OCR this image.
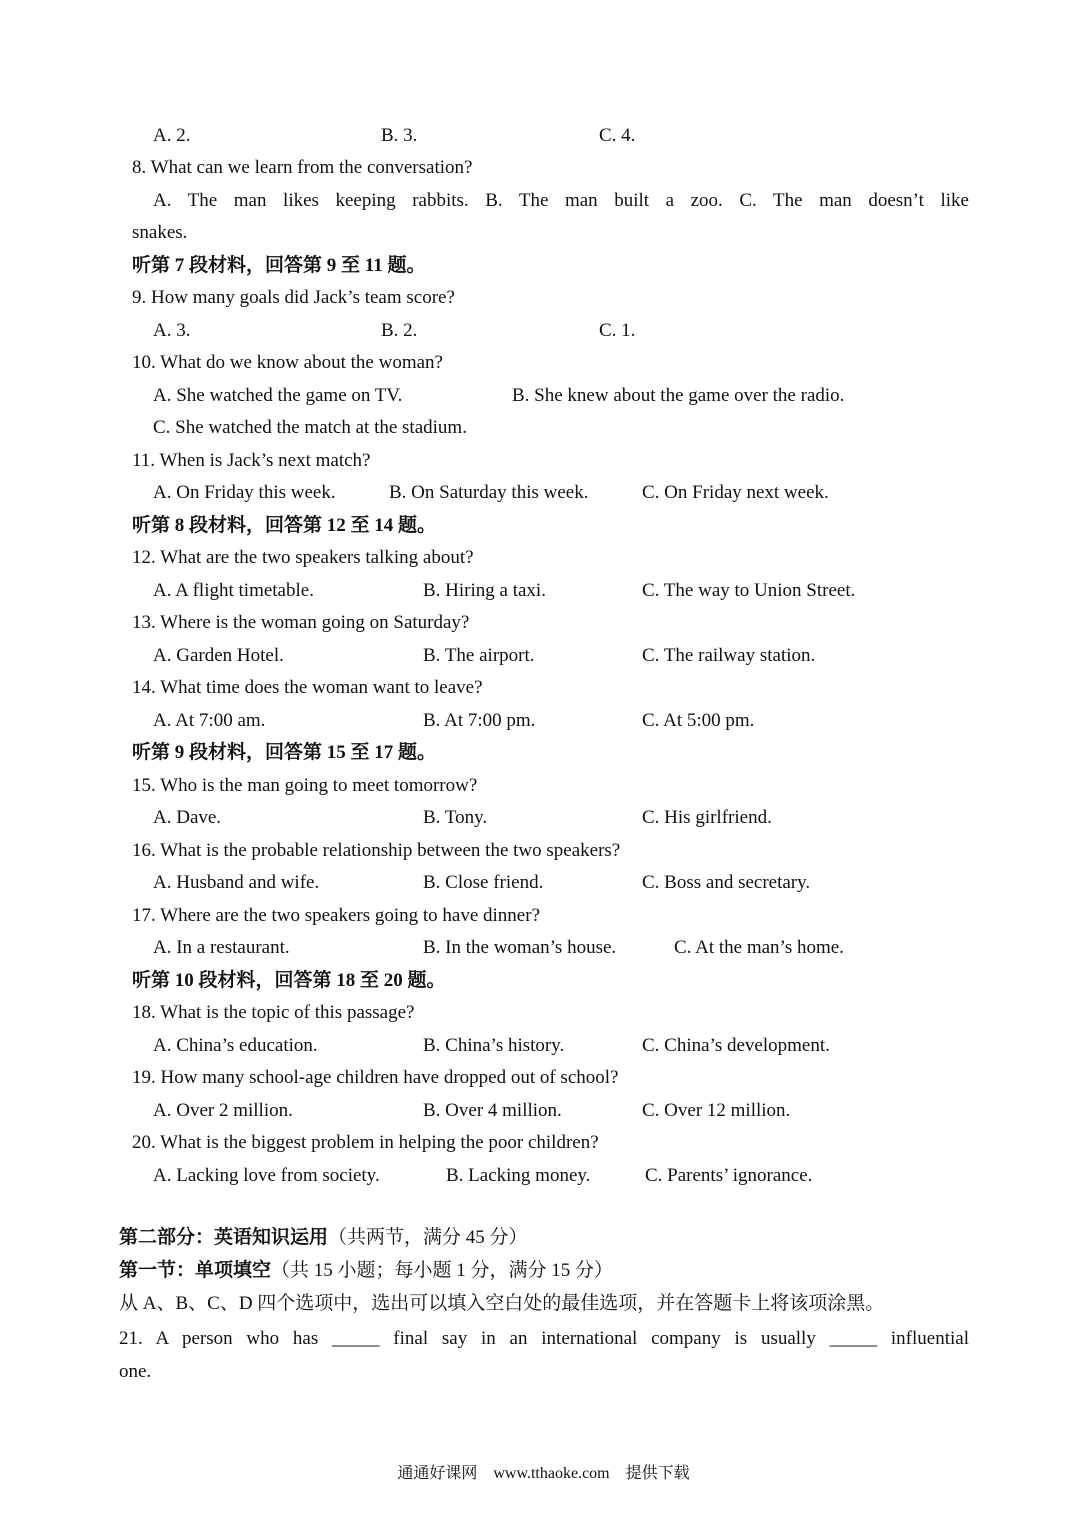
A. 2.	B. 3.	C. 4.
8. What can we learn from the conversation?
A. The man likes keeping rabbits. B. The man built a zoo. C. The man doesn’t like
snakes.
听第 7 段材料，回答第 9 至 11 题。
9. How many goals did Jack’s team score?
A. 3.	B. 2.	C. 1.
10. What do we know about the woman?
A. She watched the game on TV.	B. She knew about the game over the radio.
C. She watched the match at the stadium.
11. When is Jack’s next match?
A. On Friday this week.	B. On Saturday this week.	C. On Friday next week.
听第 8 段材料，回答第 12 至 14 题。
12. What are the two speakers talking about?
A. A flight timetable.	B. Hiring a taxi.	C. The way to Union Street.
13. Where is the woman going on Saturday?
A. Garden Hotel.	B. The airport.	C. The railway station.
14. What time does the woman want to leave?
A. At 7:00 am.	B. At 7:00 pm.	C. At 5:00 pm.
听第 9 段材料，回答第 15 至 17 题。
15. Who is the man going to meet tomorrow?
A. Dave.	B. Tony.	C. His girlfriend.
16. What is the probable relationship between the two speakers?
A. Husband and wife.	B. Close friend.	C. Boss and secretary.
17. Where are the two speakers going to have dinner?
A. In a restaurant.	B. In the woman’s house.	C. At the man’s home.
听第 10 段材料，回答第 18 至 20 题。
18. What is the topic of this passage?
A. China’s education.	B. China’s history.	C. China’s development.
19. How many school-age children have dropped out of school?
A. Over 2 million.	B. Over 4 million.	C. Over 12 million.
20. What is the biggest problem in helping the poor children?
A. Lacking love from society.	B. Lacking money.	C. Parents’ ignorance.
第二部分：英语知识运用（共两节，满分 45 分）
第一节：单项填空（共 15 小题；每小题 1 分，满分 15 分）
从 A、B、C、D 四个选项中，选出可以填入空白处的最佳选项，并在答题卡上将该项涂黑。
21. A person who has _____ final say in an international company is usually _____ influential
one.
通通好课网 www.tthaoke.com 提供下载
